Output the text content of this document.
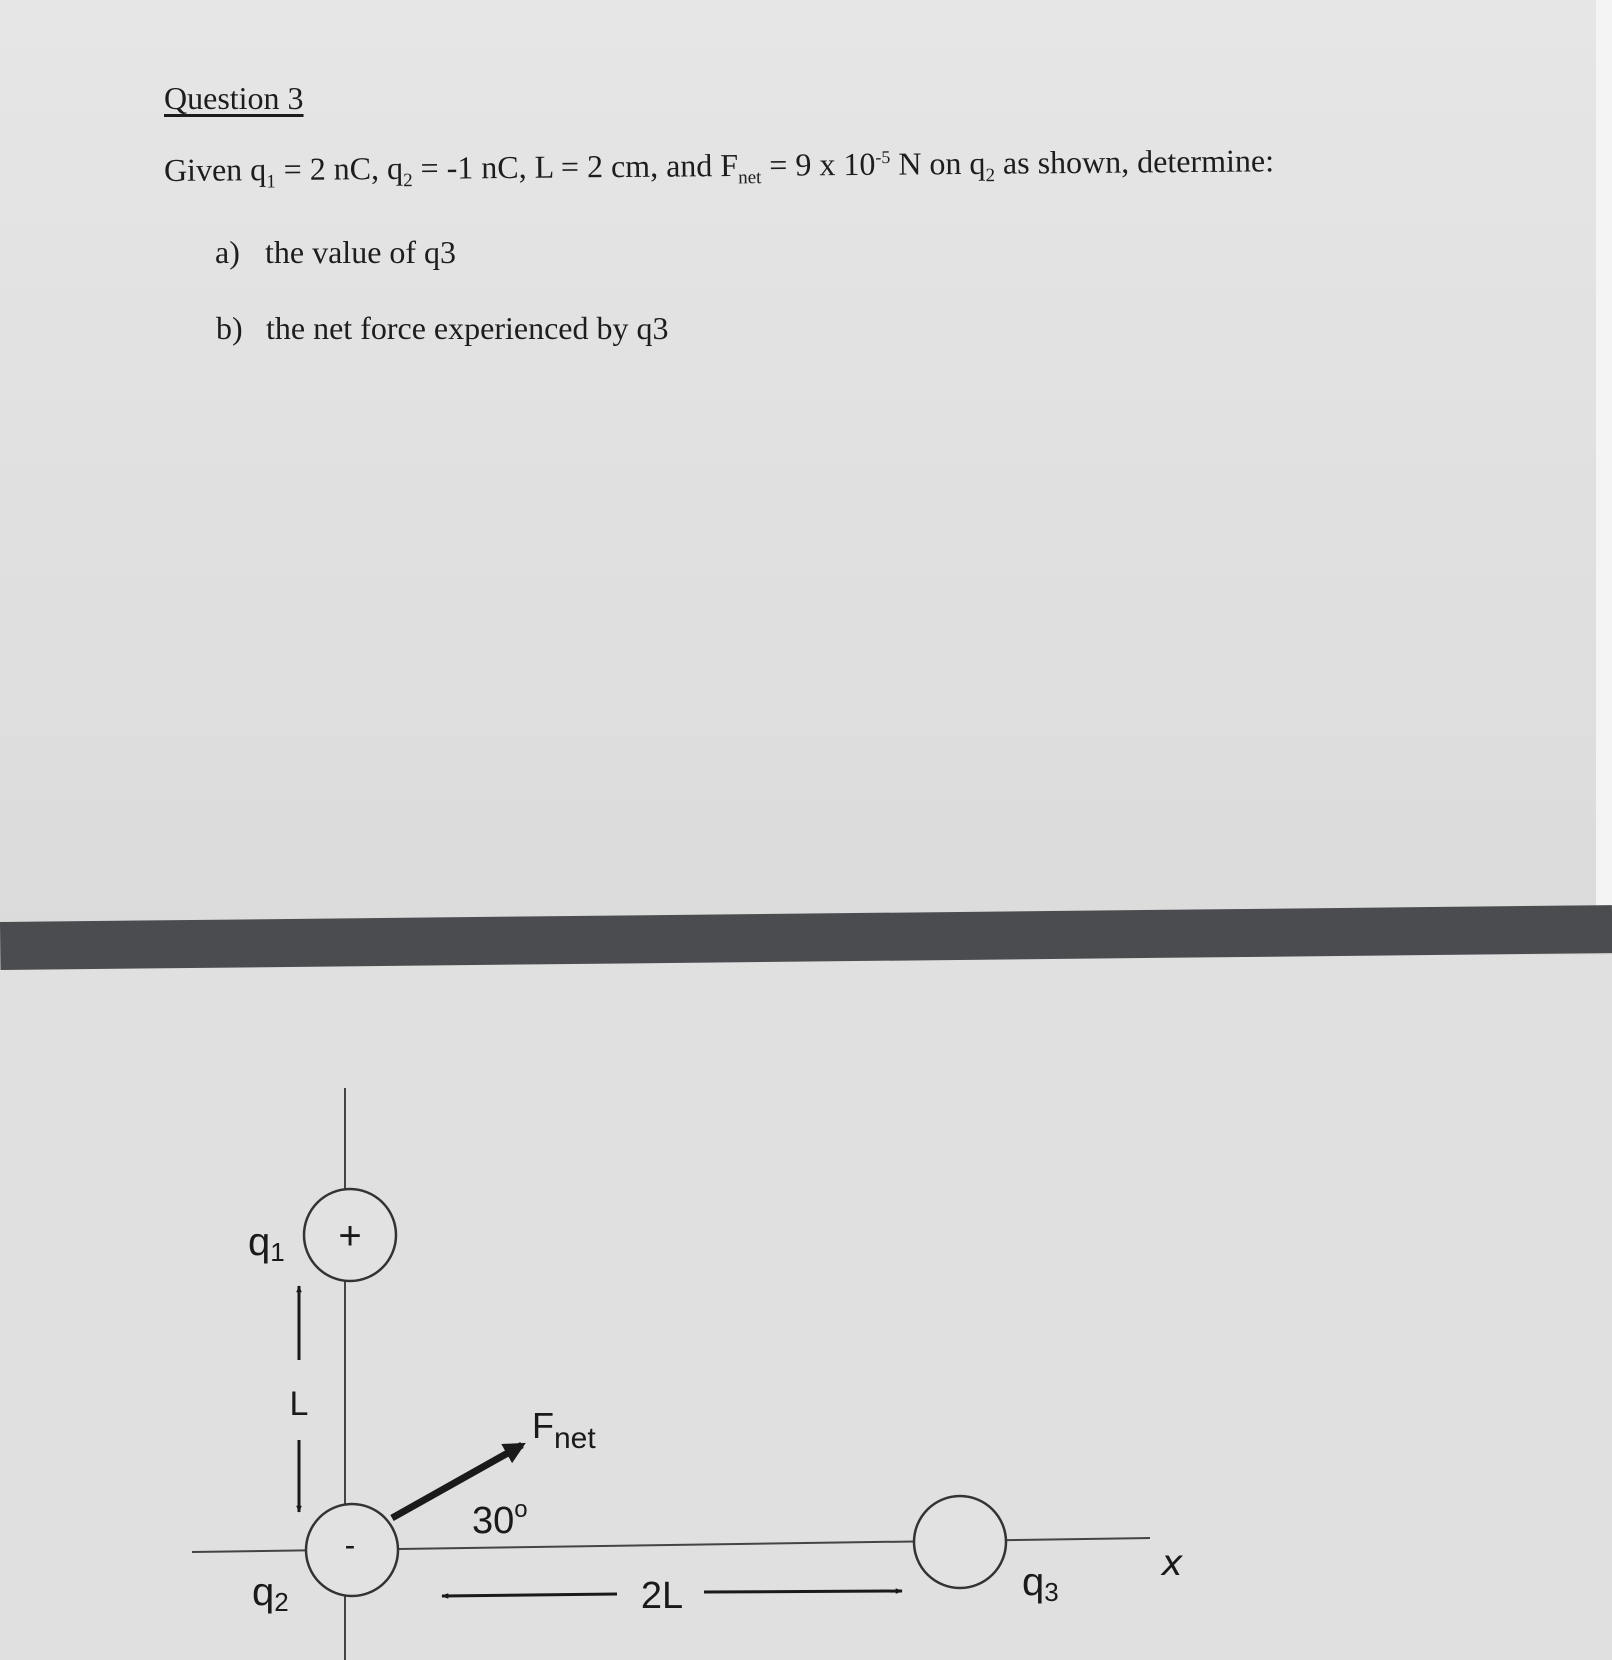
Question 3
Given $q_1 = 2$ nC, $q_2 = -1$ nC, L = 2 cm, and $F_{net} = 9$ x $10^{-5}$ N on $q_2$ as shown, determine:
a) the value of q3
b) the net force experienced by q3
+
-
q1
q2	q3
L
$F_{net}$
30$^o$
2L
x
